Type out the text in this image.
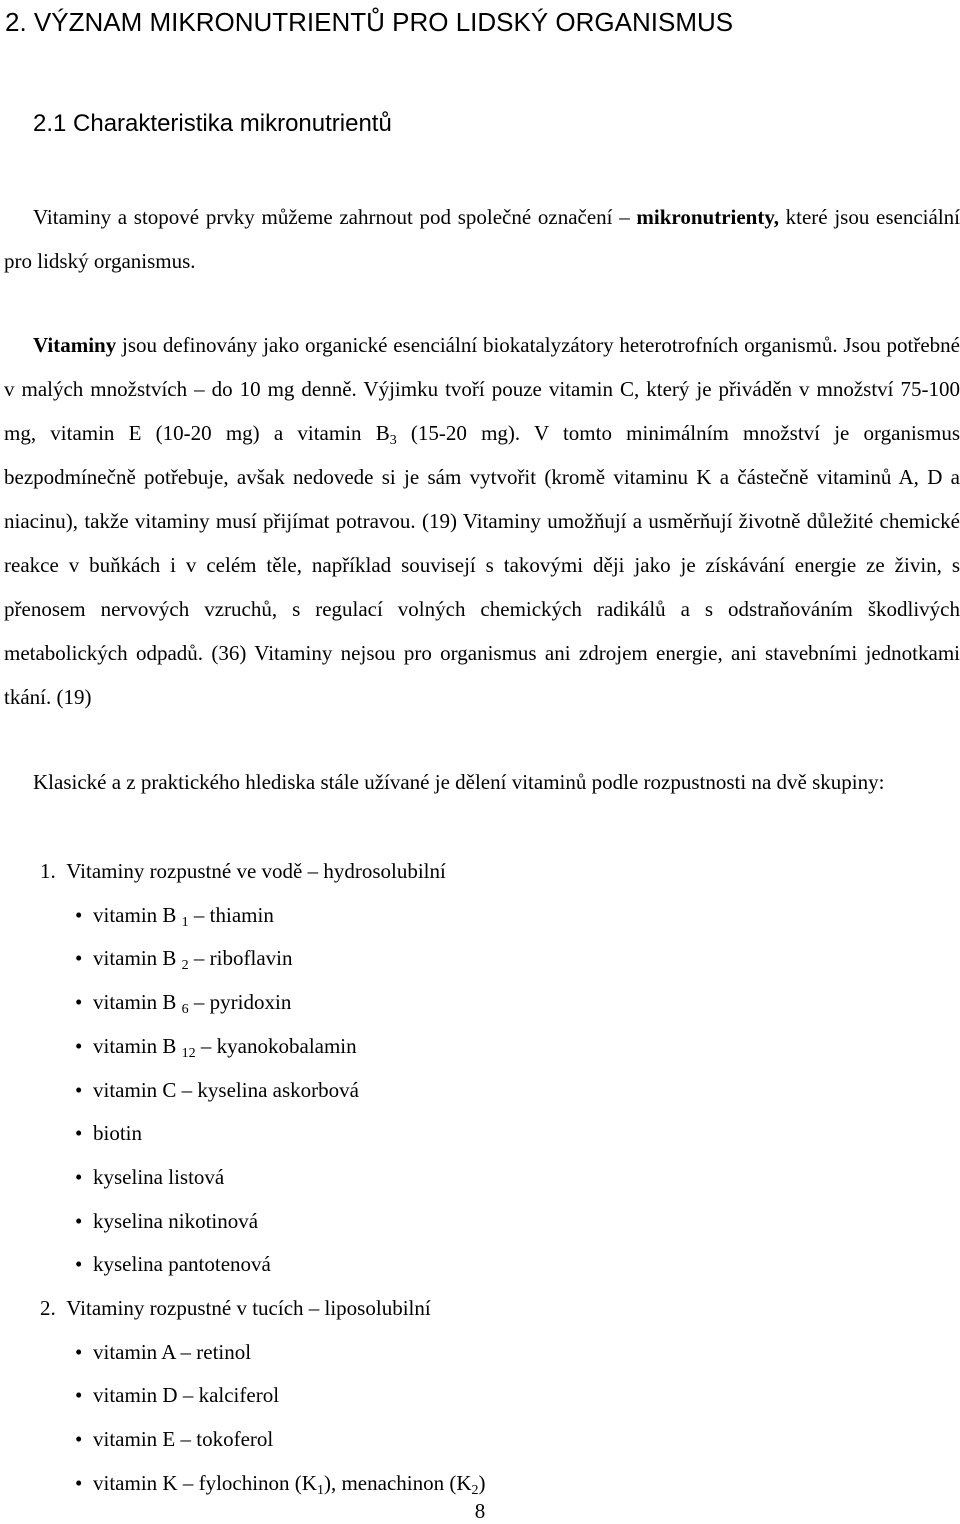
2. VÝZNAM MIKRONUTRIENTŮ PRO LIDSKÝ ORGANISMUS
2.1 Charakteristika mikronutrientů

Vitaminy a stopové prvky můžeme zahrnout pod společné označení – mikronutrienty, které jsou esenciální pro lidský organismus.

Vitaminy jsou definovány jako organické esenciální biokatalyzátory heterotrofních organismů. Jsou potřebné v malých množstvích – do 10 mg denně. Výjimku tvoří pouze vitamin C, který je přiváděn v množství 75-100 mg, vitamin E (10-20 mg) a vitamin $B_3$ (15-20 mg). V tomto minimálním množství je organismus bezpodmínečně potřebuje, avšak nedovede si je sám vytvořit (kromě vitaminu K a částečně vitaminů A, D a niacinu), takže vitaminy musí přijímat potravou. (19) Vitaminy umožňují a usměrňují životně důležité chemické reakce v buňkách i v celém těle, například souvisejí s takovými ději jako je získávání energie ze živin, s přenosem nervových vzruchů, s regulací volných chemických radikálů a s odstraňováním škodlivých metabolických odpadů. (36) Vitaminy nejsou pro organismus ani zdrojem energie, ani stavebními jednotkami tkání. (19)

Klasické a z praktického hlediska stále užívané je dělení vitaminů podle rozpustnosti na dvě skupiny:

1. Vitaminy rozpustné ve vodě – hydrosolubilní
• vitamin B $_1$ – thiamin
• vitamin B $_2$ – riboflavin
• vitamin B $_6$ – pyridoxin
• vitamin B $_{12}$ – kyanokobalamin
• vitamin C – kyselina askorbová
• biotin
• kyselina listová
• kyselina nikotinová
• kyselina pantotenová
2. Vitaminy rozpustné v tucích – liposolubilní
• vitamin A – retinol
• vitamin D – kalciferol
• vitamin E – tokoferol
• vitamin K – fylochinon $(K_1)$, menachinon $(K_2)$
8
